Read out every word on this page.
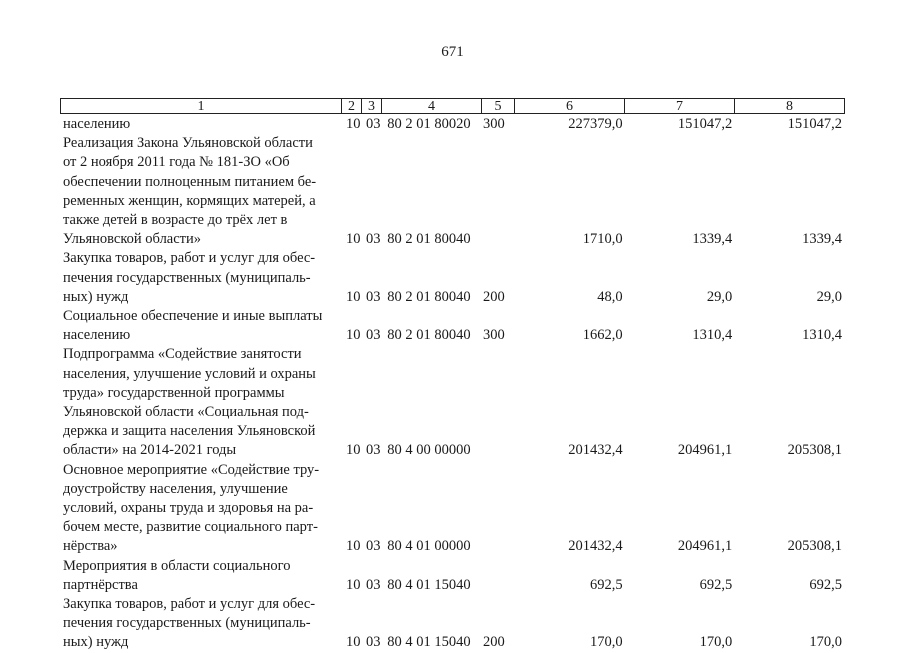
671
1	2 3	4	5	6	7	8
населению	10 03 80 2 01 80020 300	227379,0	151047,2	151047,2
Реализация Закона Ульяновской области
от 2 ноября 2011 года № 181-ЗО «Об
обеспечении полноценным питанием бе-
ременных женщин, кормящих матерей, а
также детей в возрасте до трёх лет в
Ульяновской области»	10 03 80 2 01 80040	1710,0	1339,4	1339,4
Закупка товаров, работ и услуг для обес-
печения государственных (муниципаль-
ных) нужд	10 03 80 2 01 80040 200	48,0	29,0	29,0
Социальное обеспечение и иные выплаты
населению	10 03 80 2 01 80040 300	1662,0	1310,4	1310,4
Подпрограмма «Содействие занятости
населения, улучшение условий и охраны
труда» государственной программы
Ульяновской области «Социальная под-
держка и защита населения Ульяновской
области» на 2014-2021 годы	10 03 80 4 00 00000	201432,4	204961,1	205308,1
Основное мероприятие «Содействие тру-
доустройству населения, улучшение
условий, охраны труда и здоровья на ра-
бочем месте, развитие социального парт-
нёрства»	10 03 80 4 01 00000	201432,4	204961,1	205308,1
Мероприятия в области социального
партнёрства	10 03 80 4 01 15040	692,5	692,5	692,5
Закупка товаров, работ и услуг для обес-
печения государственных (муниципаль-
ных) нужд	10 03 80 4 01 15040 200	170,0	170,0	170,0
